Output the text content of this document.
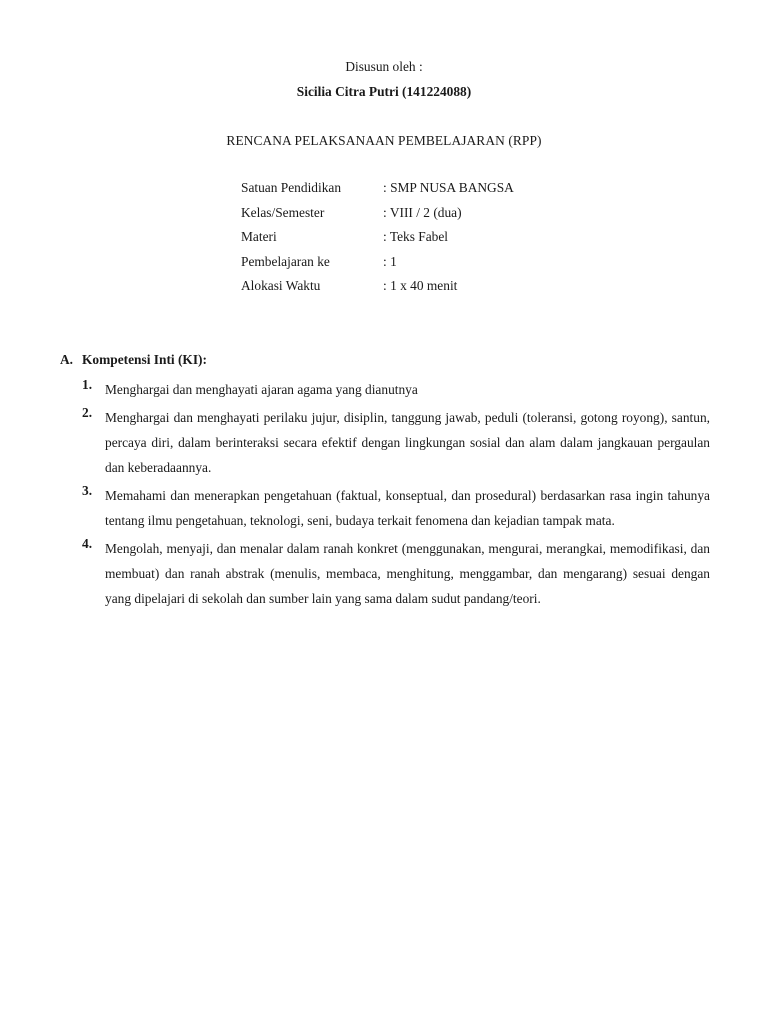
Disusun oleh :
Sicilia Citra Putri (141224088)
RENCANA PELAKSANAAN PEMBELAJARAN (RPP)
Satuan Pendidikan	: SMP NUSA BANGSA
Kelas/Semester	: VIII / 2 (dua)
Materi	: Teks Fabel
Pembelajaran ke	: 1
Alokasi Waktu	: 1 x 40 menit
A. Kompetensi Inti (KI):
1. Menghargai dan menghayati ajaran agama yang dianutnya
2. Menghargai dan menghayati perilaku jujur, disiplin, tanggung jawab, peduli (toleransi, gotong royong), santun, percaya diri, dalam berinteraksi secara efektif dengan lingkungan sosial dan alam dalam jangkauan pergaulan dan keberadaannya.
3. Memahami dan menerapkan pengetahuan (faktual, konseptual, dan prosedural) berdasarkan rasa ingin tahunya tentang ilmu pengetahuan, teknologi, seni, budaya terkait fenomena dan kejadian tampak mata.
4. Mengolah, menyaji, dan menalar dalam ranah konkret (menggunakan, mengurai, merangkai, memodifikasi, dan membuat) dan ranah abstrak (menulis, membaca, menghitung, menggambar, dan mengarang) sesuai dengan yang dipelajari di sekolah dan sumber lain yang sama dalam sudut pandang/teori.
